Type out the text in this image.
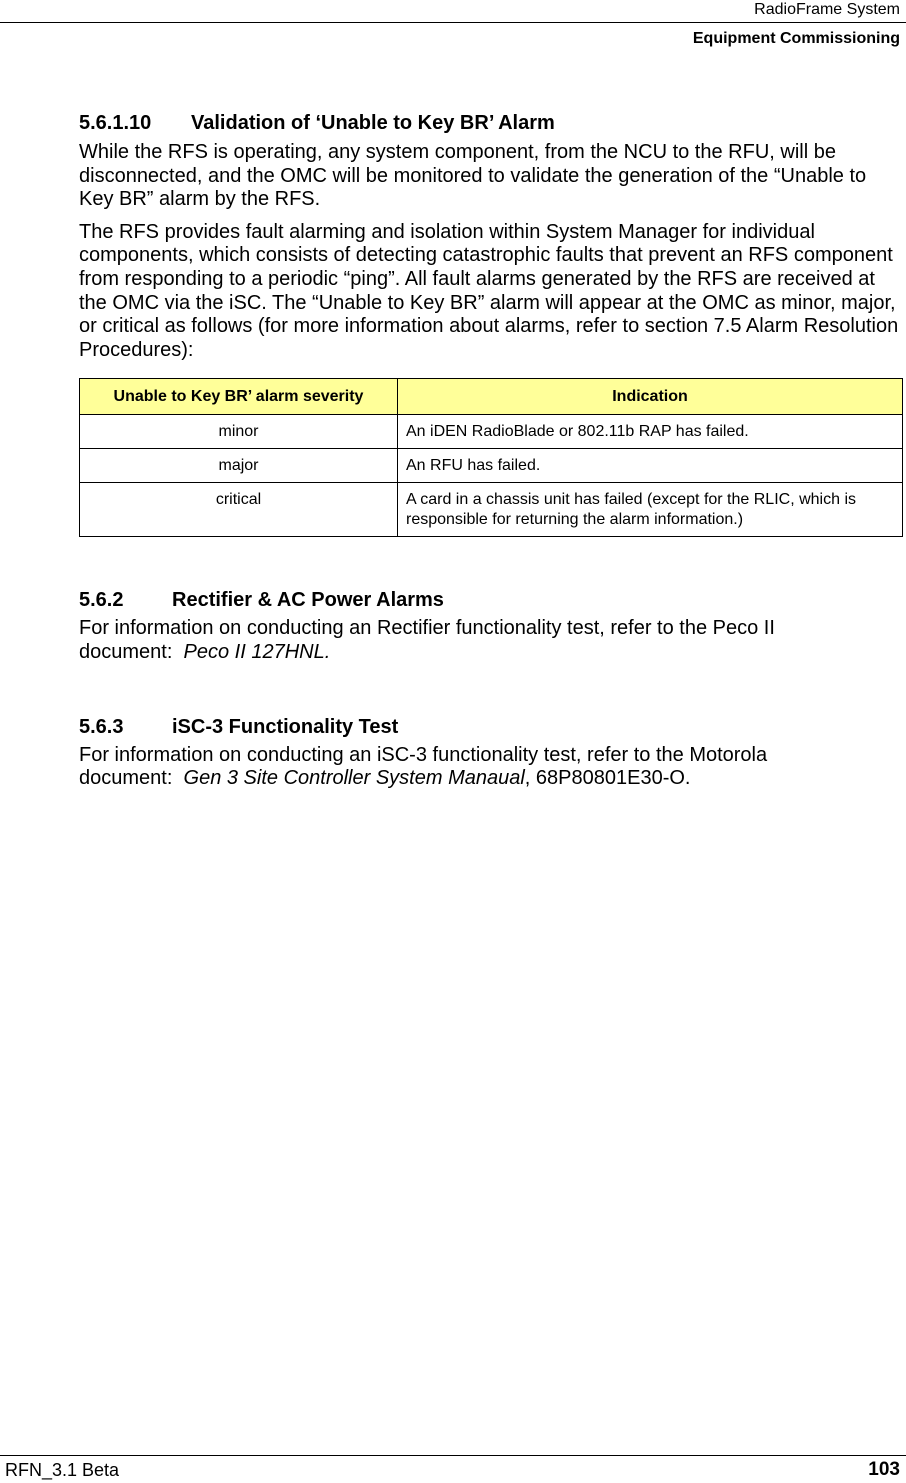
RadioFrame System
Equipment Commissioning
5.6.1.10	Validation of ‘Unable to Key BR’ Alarm

While the RFS is operating, any system component, from the NCU to the RFU, will be disconnected, and the OMC will be monitored to validate the generation of the “Unable to Key BR” alarm by the RFS.

The RFS provides fault alarming and isolation within System Manager for individual components, which consists of detecting catastrophic faults that prevent an RFS component from responding to a periodic “ping”. All fault alarms generated by the RFS are received at the OMC via the iSC. The “Unable to Key BR” alarm will appear at the OMC as minor, major, or critical as follows (for more information about alarms, refer to section 7.5 Alarm Resolution Procedures):

Unable to Key BR’ alarm severity	Indication
minor	An iDEN RadioBlade or 802.11b RAP has failed.
major	An RFU has failed.
critical	A card in a chassis unit has failed (except for the RLIC, which is responsible for returning the alarm information.)
5.6.2	Rectifier & AC Power Alarms

For information on conducting an Rectifier functionality test, refer to the Peco II document: Peco II 127HNL.

5.6.3	iSC-3 Functionality Test

For information on conducting an iSC-3 functionality test, refer to the Motorola document: Gen 3 Site Controller System Manaual, 68P80801E30-O.

RFN_3.1 Beta	103
